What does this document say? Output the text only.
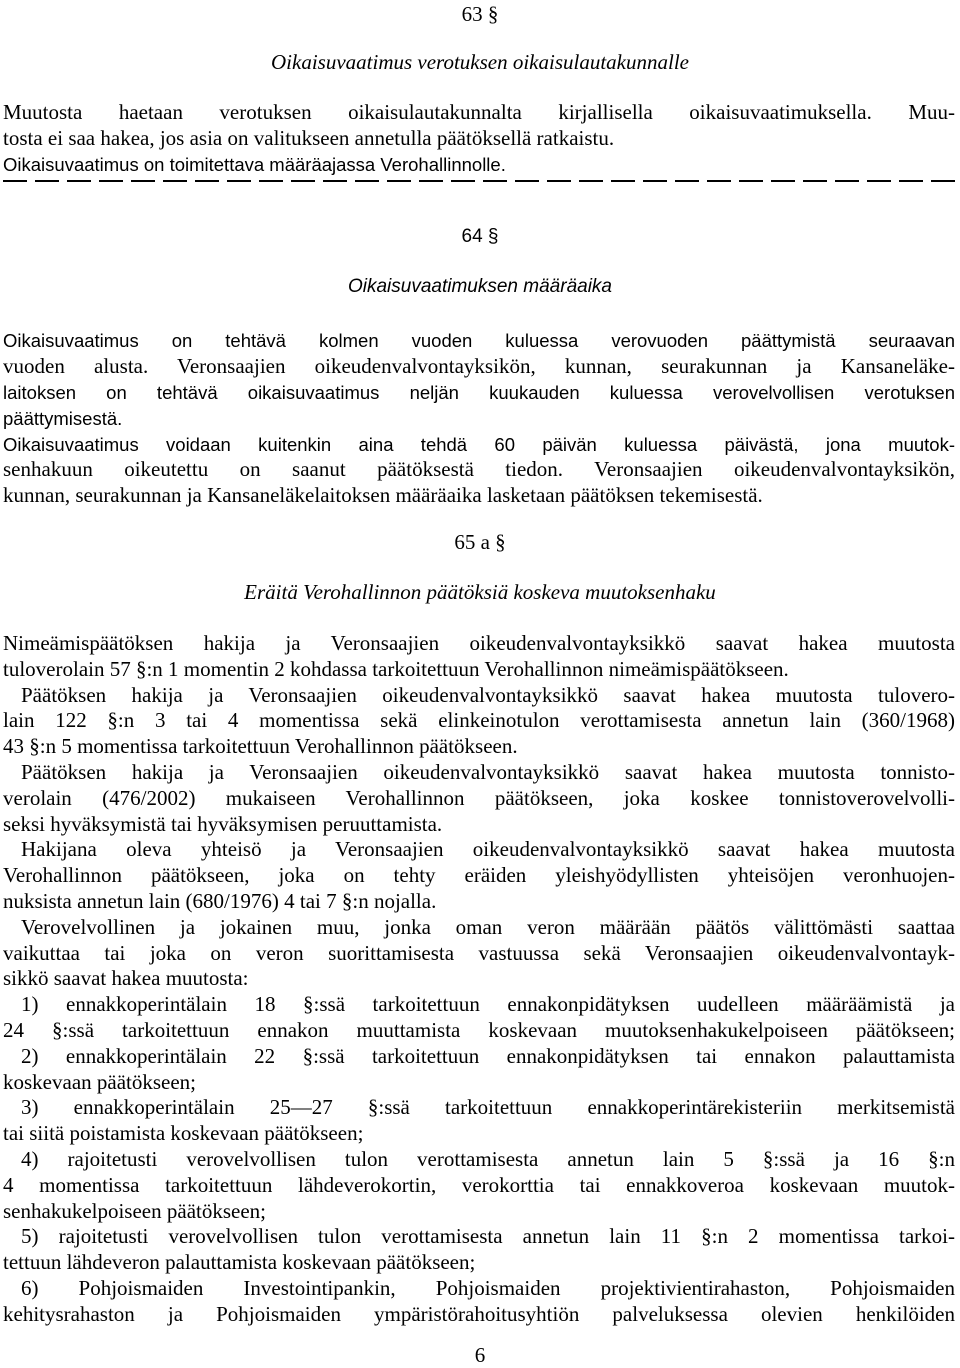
63 §
Oikaisuvaatimus verotuksen oikaisulautakunnalle
Muutosta haetaan verotuksen oikaisulautakunnalta kirjallisella oikaisuvaatimuksella. Muu-
tosta ei saa hakea, jos asia on valitukseen annetulla päätöksellä ratkaistu.
Oikaisuvaatimus on toimitettava määräajassa Verohallinnolle.
64 §
Oikaisuvaatimuksen määräaika
Oikaisuvaatimus on tehtävä kolmen vuoden kuluessa verovuoden päättymistä seuraavan
vuoden alusta. Veronsaajien oikeudenvalvontayksikön, kunnan, seurakunnan ja Kansaneläke-
laitoksen on tehtävä oikaisuvaatimus neljän kuukauden kuluessa verovelvollisen verotuksen
päättymisestä.
Oikaisuvaatimus voidaan kuitenkin aina tehdä 60 päivän kuluessa päivästä, jona muutok-
senhakuun oikeutettu on saanut päätöksestä tiedon. Veronsaajien oikeudenvalvontayksikön,
kunnan, seurakunnan ja Kansaneläkelaitoksen määräaika lasketaan päätöksen tekemisestä.
65 a §
Eräitä Verohallinnon päätöksiä koskeva muutoksenhaku
Nimeämispäätöksen hakija ja Veronsaajien oikeudenvalvontayksikkö saavat hakea muutosta
tuloverolain 57 §:n 1 momentin 2 kohdassa tarkoitettuun Verohallinnon nimeämispäätökseen.
Päätöksen hakija ja Veronsaajien oikeudenvalvontayksikkö saavat hakea muutosta tulovero-
lain 122 §:n 3 tai 4 momentissa sekä elinkeinotulon verottamisesta annetun lain (360/1968)
43 §:n 5 momentissa tarkoitettuun Verohallinnon päätökseen.
Päätöksen hakija ja Veronsaajien oikeudenvalvontayksikkö saavat hakea muutosta tonnisto-
verolain (476/2002) mukaiseen Verohallinnon päätökseen, joka koskee tonnistoverovelvolli-
seksi hyväksymistä tai hyväksymisen peruuttamista.
Hakijana oleva yhteisö ja Veronsaajien oikeudenvalvontayksikkö saavat hakea muutosta
Verohallinnon päätökseen, joka on tehty eräiden yleishyödyllisten yhteisöjen veronhuojen-
nuksista annetun lain (680/1976) 4 tai 7 §:n nojalla.
Verovelvollinen ja jokainen muu, jonka oman veron määrään päätös välittömästi saattaa
vaikuttaa tai joka on veron suorittamisesta vastuussa sekä Veronsaajien oikeudenvalvontayk-
sikkö saavat hakea muutosta:
1) ennakkoperintälain 18 §:ssä tarkoitettuun ennakonpidätyksen uudelleen määräämistä ja
24 §:ssä tarkoitettuun ennakon muuttamista koskevaan muutoksenhakukelpoiseen päätökseen;
2) ennakkoperintälain 22 §:ssä tarkoitettuun ennakonpidätyksen tai ennakon palauttamista
koskevaan päätökseen;
3) ennakkoperintälain 25—27 §:ssä tarkoitettuun ennakkoperintärekisteriin merkitsemistä
tai siitä poistamista koskevaan päätökseen;
4) rajoitetusti verovelvollisen tulon verottamisesta annetun lain 5 §:ssä ja 16 §:n
4 momentissa tarkoitettuun lähdeverokortin, verokorttia tai ennakkoveroa koskevaan muutok-
senhakukelpoiseen päätökseen;
5) rajoitetusti verovelvollisen tulon verottamisesta annetun lain 11 §:n 2 momentissa tarkoi-
tettuun lähdeveron palauttamista koskevaan päätökseen;
6) Pohjoismaiden Investointipankin, Pohjoismaiden projektivientirahaston, Pohjoismaiden
kehitysrahaston ja Pohjoismaiden ympäristörahoitusyhtiön palveluksessa olevien henkilöiden
6
